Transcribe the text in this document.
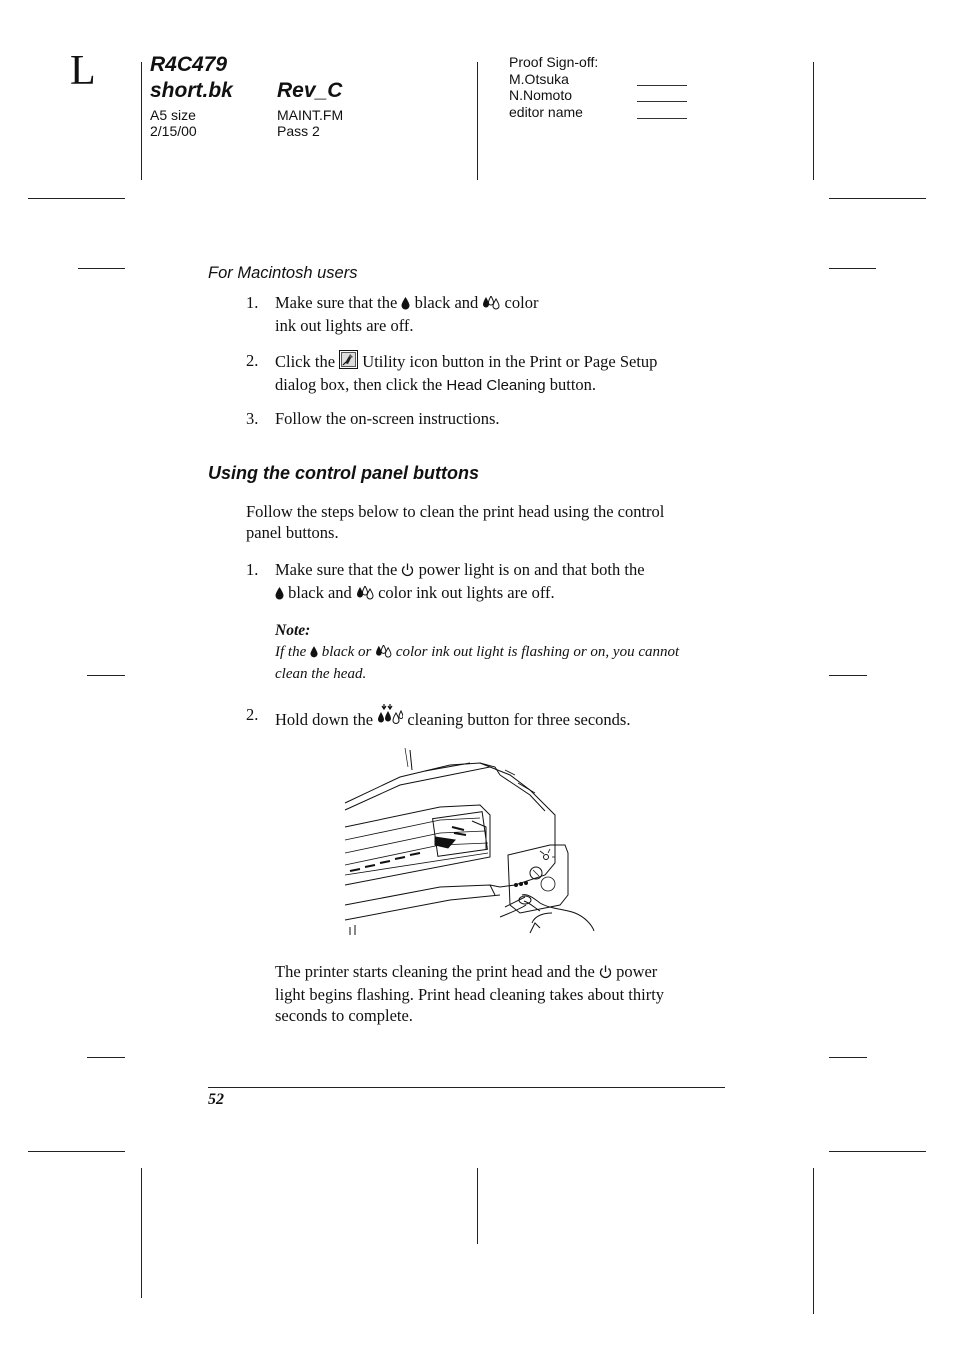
L	R4C479
short.bk Rev_C
A5 size
2/15/00
MAINT.FM
Pass 2
Proof Sign-off:
M.Otsuka
N.Nomoto
editor name
For Macintosh users
1. Make sure that the black and color
ink out lights are off.
2. Click the Utility icon button in the Print or Page Setup
dialog box, then click the Head Cleaning button.
3. Follow the on-screen instructions.
Using the control panel buttons
Follow the steps below to clean the print head using the control
panel buttons.
1. Make sure that the power light is on and that both the
black and color ink out lights are off.
Note:
If the black or color ink out light is flashing or on, you cannot
clean the head.
2. Hold down the cleaning button for three seconds.
The printer starts cleaning the print head and the power
light begins flashing. Print head cleaning takes about thirty
seconds to complete.
52
